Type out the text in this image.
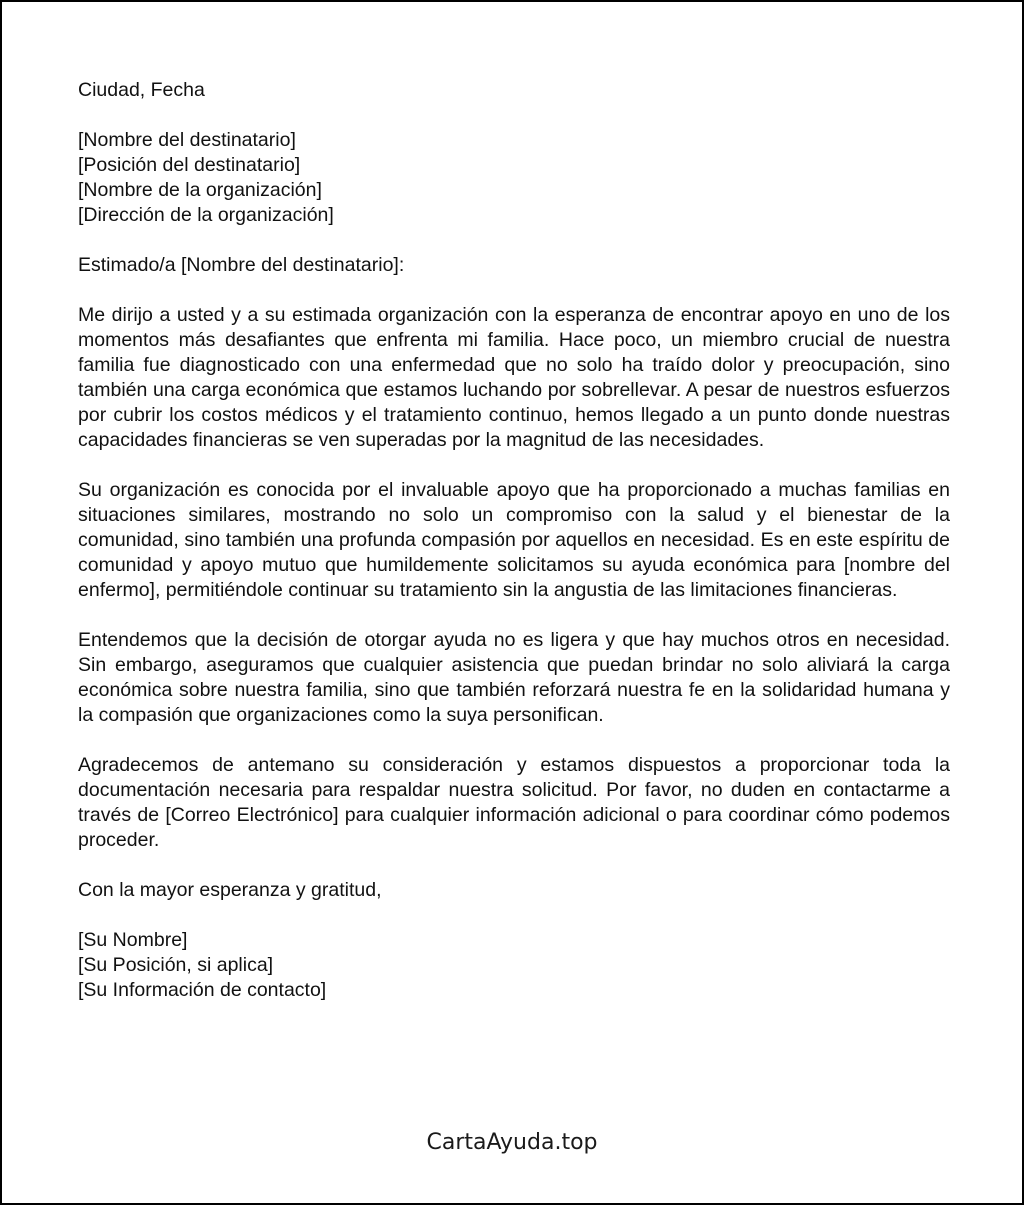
Ciudad, Fecha
[Nombre del destinatario]
[Posición del destinatario]
[Nombre de la organización]
[Dirección de la organización]
Estimado/a [Nombre del destinatario]:

Me dirijo a usted y a su estimada organización con la esperanza de encontrar apoyo en uno de los momentos más desafiantes que enfrenta mi familia. Hace poco, un miembro crucial de nuestra familia fue diagnosticado con una enfermedad que no solo ha traído dolor y preocupación, sino también una carga económica que estamos luchando por sobrellevar. A pesar de nuestros esfuerzos por cubrir los costos médicos y el tratamiento continuo, hemos llegado a un punto donde nuestras capacidades financieras se ven superadas por la magnitud de las necesidades.

Su organización es conocida por el invaluable apoyo que ha proporcionado a muchas familias en situaciones similares, mostrando no solo un compromiso con la salud y el bienestar de la comunidad, sino también una profunda compasión por aquellos en necesidad. Es en este espíritu de comunidad y apoyo mutuo que humildemente solicitamos su ayuda económica para [nombre del enfermo], permitiéndole continuar su tratamiento sin la angustia de las limitaciones financieras.

Entendemos que la decisión de otorgar ayuda no es ligera y que hay muchos otros en necesidad. Sin embargo, aseguramos que cualquier asistencia que puedan brindar no solo aliviará la carga económica sobre nuestra familia, sino que también reforzará nuestra fe en la solidaridad humana y la compasión que organizaciones como la suya personifican.

Agradecemos de antemano su consideración y estamos dispuestos a proporcionar toda la documentación necesaria para respaldar nuestra solicitud. Por favor, no duden en contactarme a través de [Correo Electrónico] para cualquier información adicional o para coordinar cómo podemos proceder.

Con la mayor esperanza y gratitud,
[Su Nombre]
[Su Posición, si aplica]
[Su Información de contacto]
CartaAyuda.top
